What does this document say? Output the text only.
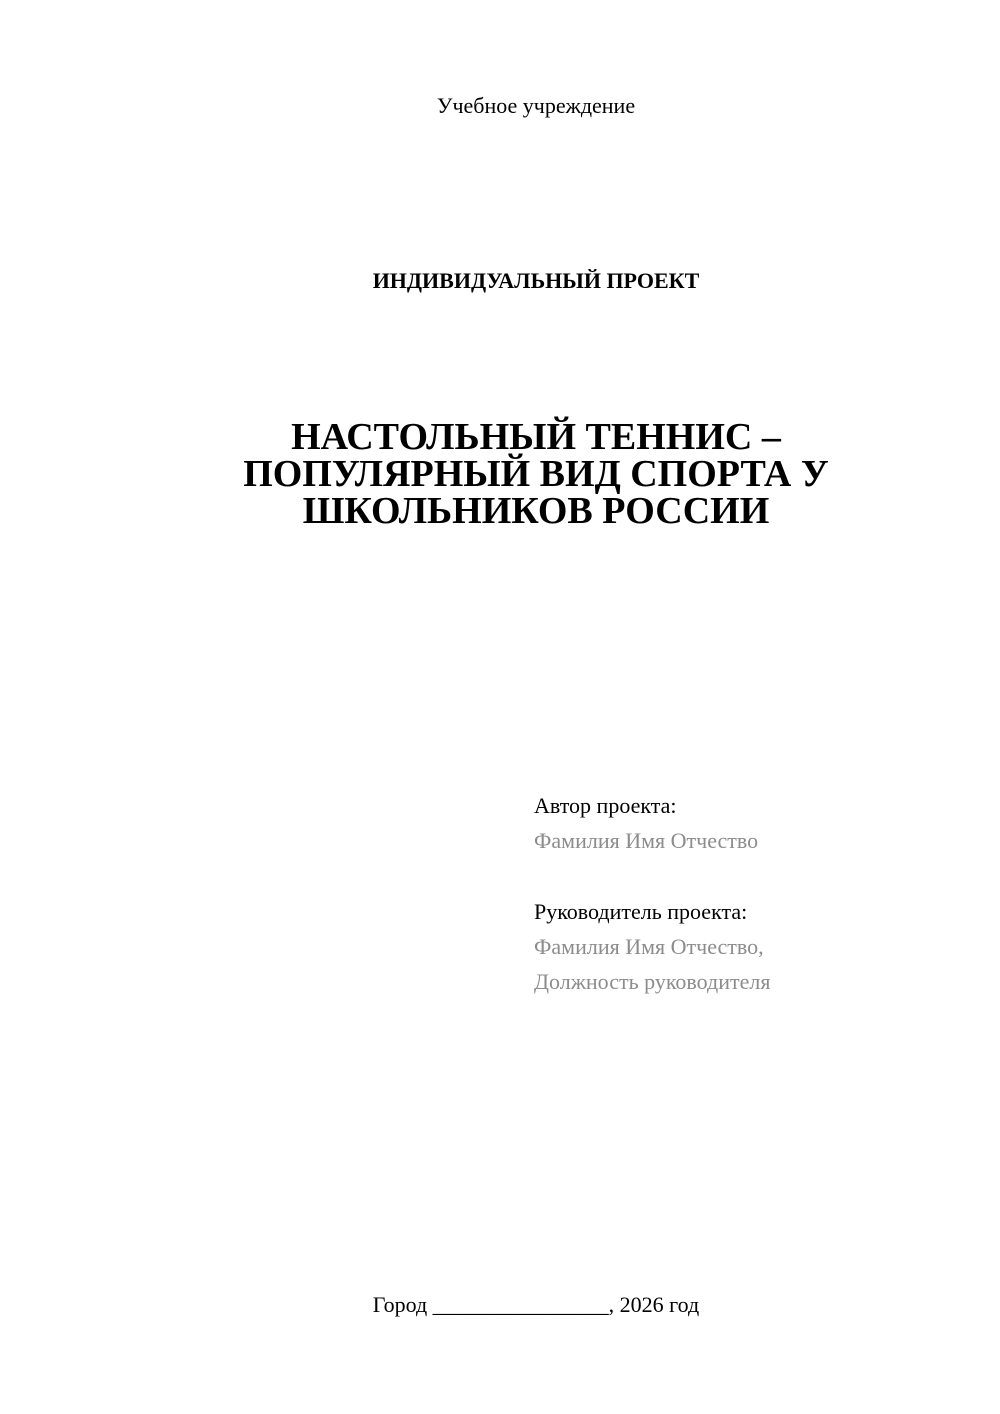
Учебное учреждение
ИНДИВИДУАЛЬНЫЙ ПРОЕКТ
НАСТОЛЬНЫЙ ТЕННИС –
ПОПУЛЯРНЫЙ ВИД СПОРТА У
ШКОЛЬНИКОВ РОССИИ
Автор проекта:
Фамилия Имя Отчество
Руководитель проекта:
Фамилия Имя Отчество,
Должность руководителя
Город ________________, 2026 год
